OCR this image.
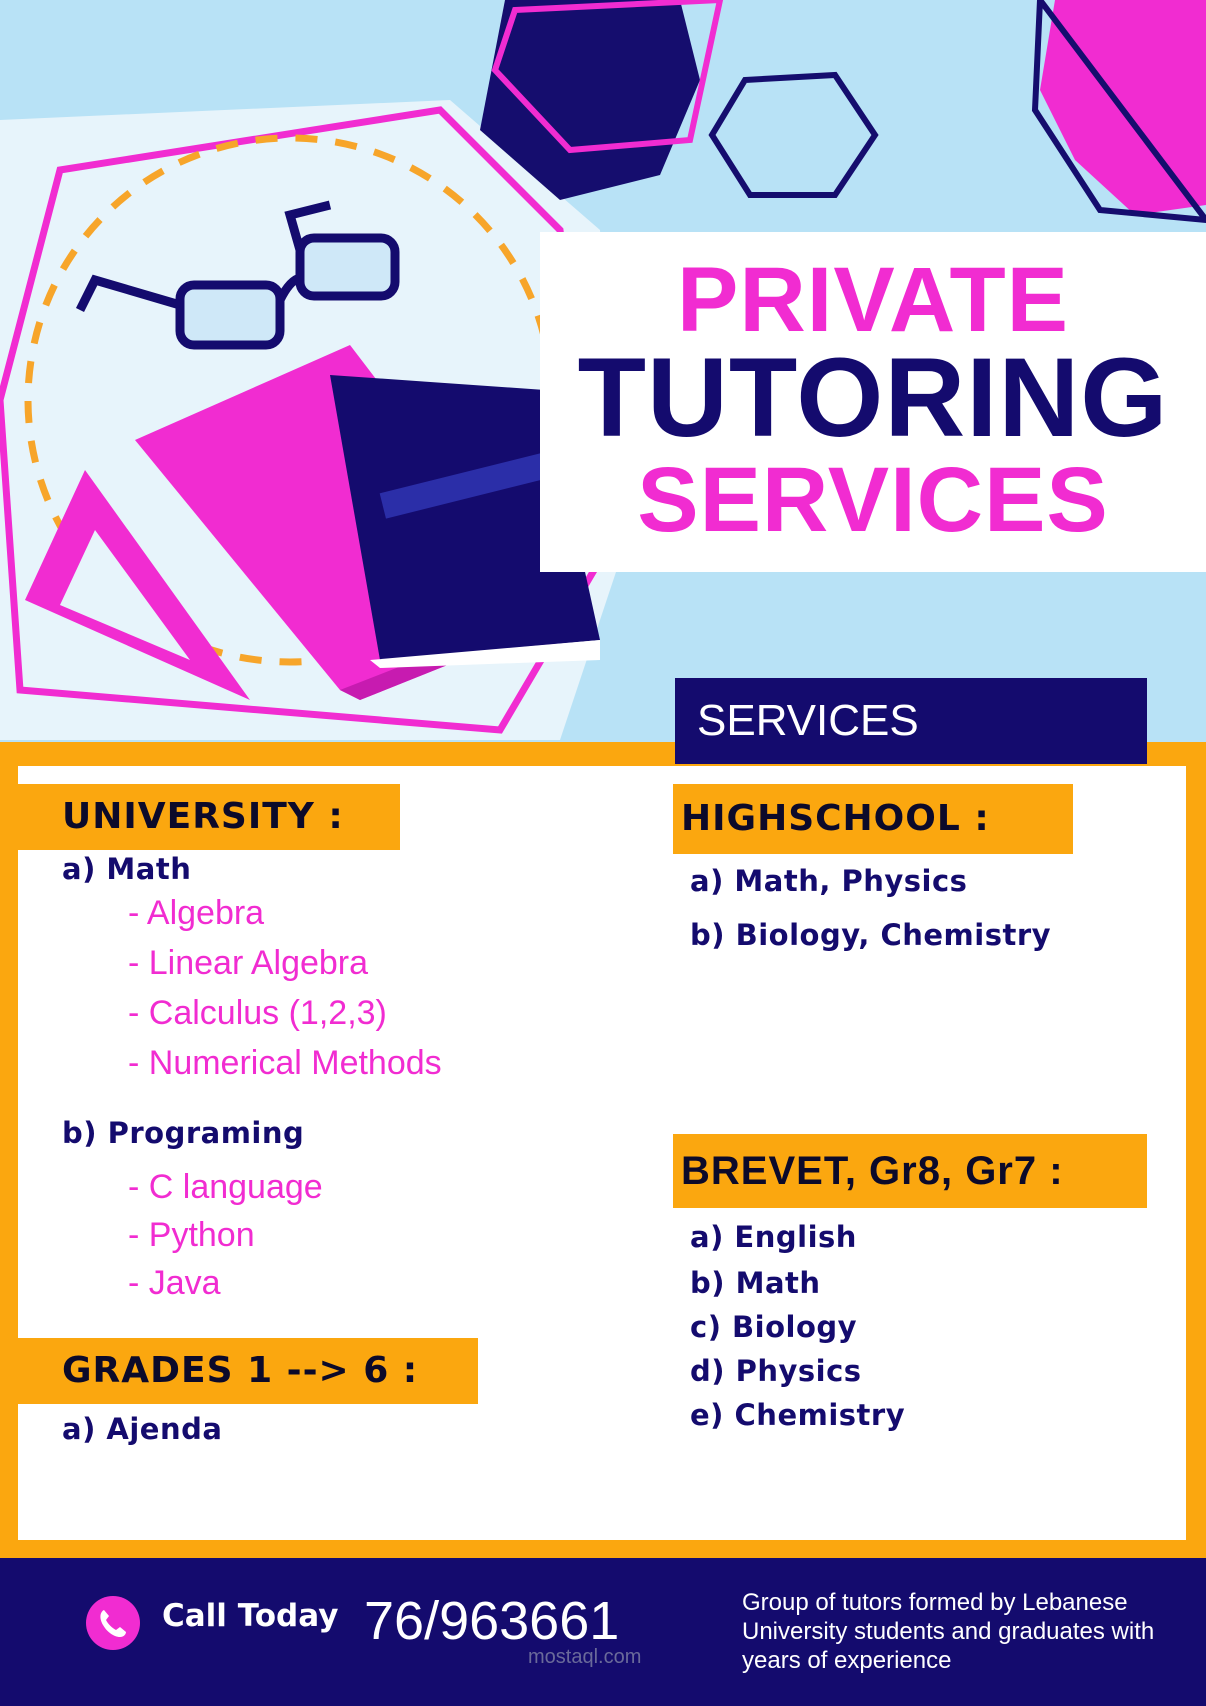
PRIVATE
TUTORING
SERVICES
SERVICES
UNIVERSITY :
a) Math
- Algebra
- Linear Algebra
- Calculus (1,2,3)
- Numerical Methods
b) Programing
- C language
- Python
- Java
GRADES 1 --> 6 :
a) Ajenda
HIGHSCHOOL :
a) Math, Physics
b) Biology, Chemistry
BREVET, Gr8, Gr7 :
a) English
b) Math
c) Biology
d) Physics
e) Chemistry
Call Today 76/963661
mostaql.com
Group of tutors formed by Lebanese University students and graduates with years of experience
